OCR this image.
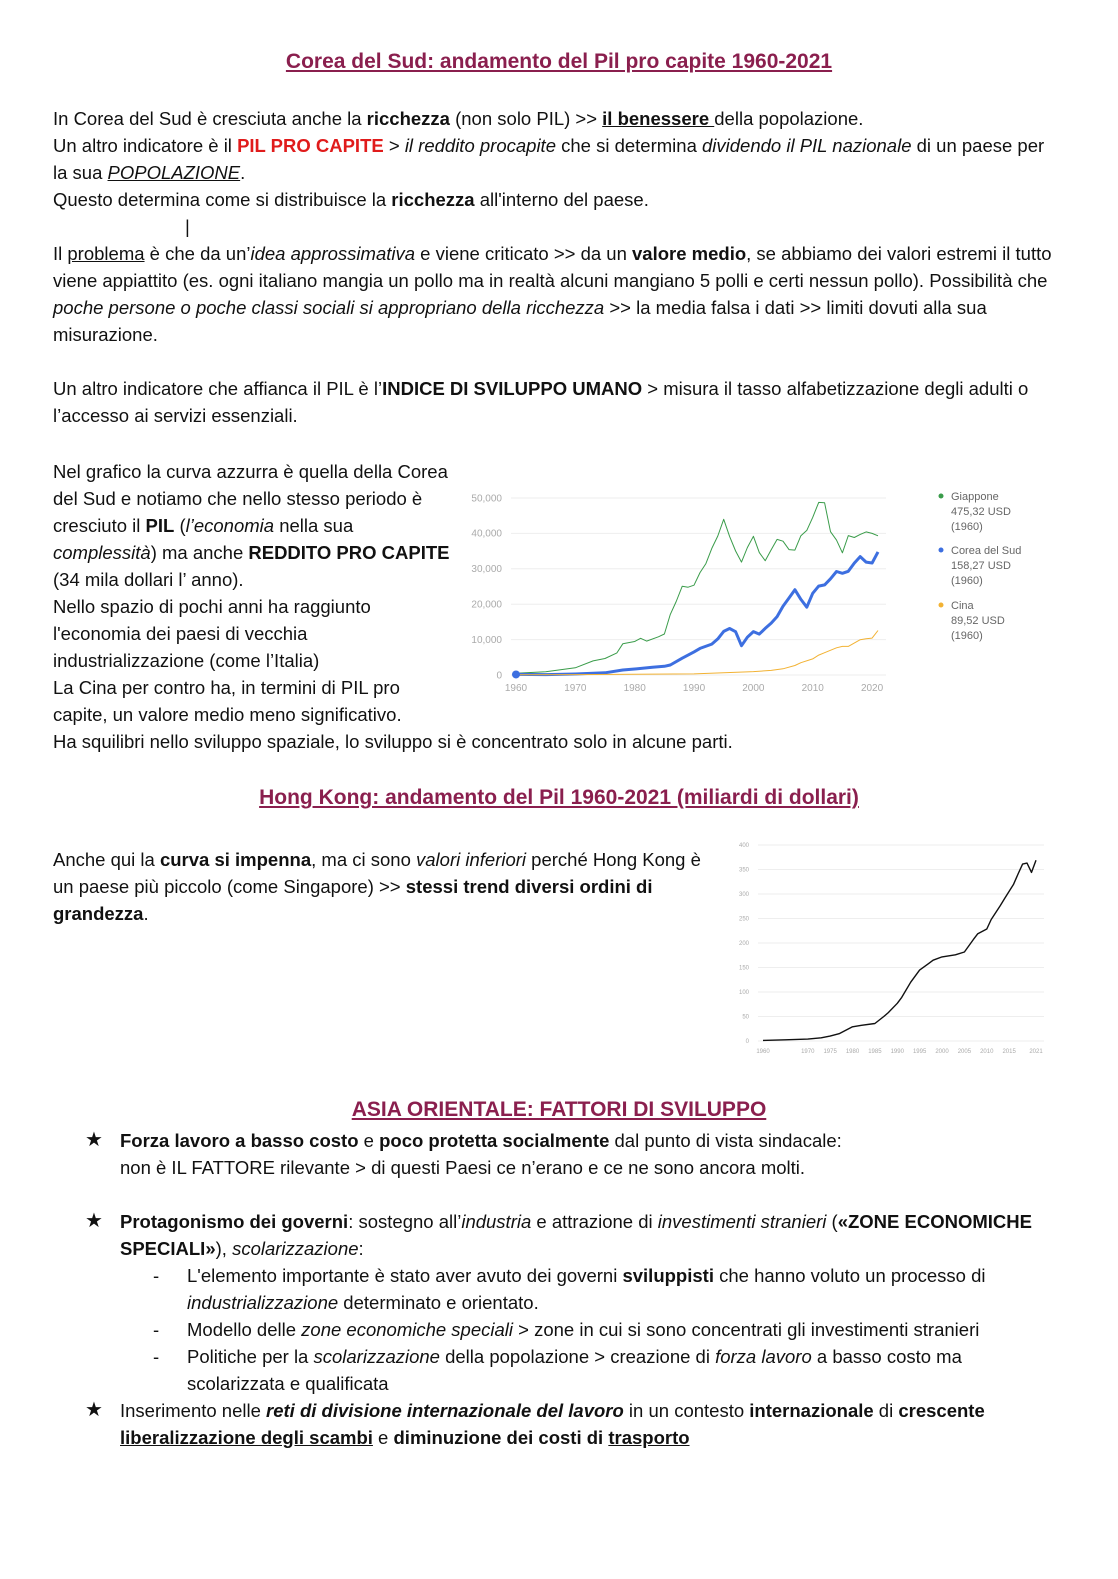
Corea del Sud: andamento del Pil pro capite 1960-2021

In Corea del Sud è cresciuta anche la ricchezza (non solo PIL) >> il benessere della popolazione.

Un altro indicatore è il PIL PRO CAPITE > il reddito procapite che si determina dividendo il PIL nazionale di un paese per la sua POPOLAZIONE.

Questo determina come si distribuisce la ricchezza all'interno del paese.

|

Il problema è che da un’idea approssimativa e viene criticato >> da un valore medio, se abbiamo dei valori estremi il tutto viene appiattito (es. ogni italiano mangia un pollo ma in realtà alcuni mangiano 5 polli e certi nessun pollo). Possibilità che poche persone o poche classi sociali si appropriano della ricchezza >> la media falsa i dati >> limiti dovuti alla sua misurazione.

Un altro indicatore che affianca il PIL è l’INDICE DI SVILUPPO UMANO > misura il tasso alfabetizzazione degli adulti o l’accesso ai servizi essenziali.

Nel grafico la curva azzurra è quella della Corea del Sud e notiamo che nello stesso periodo è cresciuto il PIL (l’economia nella sua complessità) ma anche REDDITO PRO CAPITE (34 mila dollari l’ anno).

Nello spazio di pochi anni ha raggiunto l'economia dei paesi di vecchia industrializzazione (come l’Italia)

La Cina per contro ha, in termini di PIL pro capite, un valore medio meno significativo.

Ha squilibri nello sviluppo spaziale, lo sviluppo si è concentrato solo in alcune parti.

0
10,000
20,000
30,000
40,000
50,000
1960	1970	1980	1990	2000	2010	2020
Giappone
475,32 USD
(1960)
Corea del Sud
158,27 USD
(1960)
Cina
89,52 USD
(1960)
Hong Kong: andamento del Pil 1960-2021 (miliardi di dollari)

Anche qui la curva si impenna, ma ci sono valori inferiori perché Hong Kong è un paese più piccolo (come Singapore) >> stessi trend diversi ordini di grandezza.

0
50
100
150
200
250
300
350
400
1960	1970 1975 1980 1985 1990 1995 2000 2005 2010 2015 2021
ASIA ORIENTALE: FATTORI DI SVILUPPO
★ Forza lavoro a basso costo e poco protetta socialmente dal punto di vista sindacale:

non è IL FATTORE rilevante > di questi Paesi ce n’erano e ce ne sono ancora molti.

★ Protagonismo dei governi: sostegno all’industria e attrazione di investimenti stranieri («ZONE ECONOMICHE SPECIALI»), scolarizzazione:

- L'elemento importante è stato aver avuto dei governi sviluppisti che hanno voluto un processo di industrializzazione determinato e orientato.

- Modello delle zone economiche speciali > zone in cui si sono concentrati gli investimenti stranieri

- Politiche per la scolarizzazione della popolazione > creazione di forza lavoro a basso costo ma scolarizzata e qualificata

★ Inserimento nelle reti di divisione internazionale del lavoro in un contesto internazionale di crescente liberalizzazione degli scambi e diminuzione dei costi di trasporto
